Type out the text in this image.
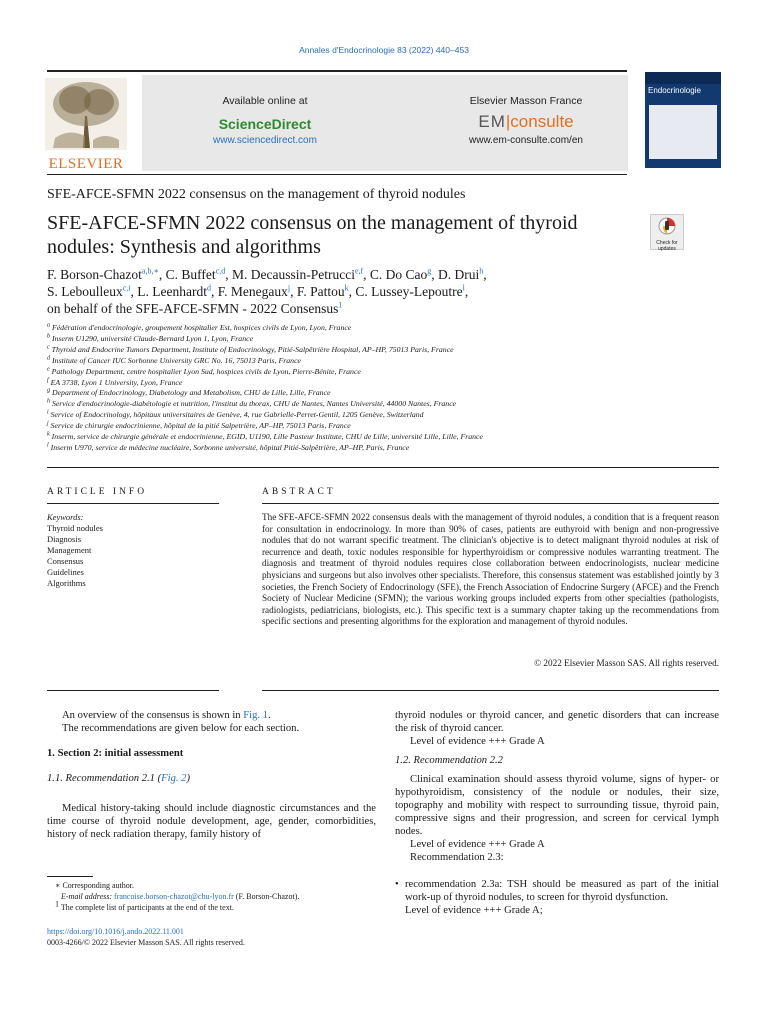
Annales d'Endocrinologie 83 (2022) 440–453
ELSEVIER
Available online at
ScienceDirect
www.sciencedirect.com
Elsevier Masson France
EM|consulte
www.em-consulte.com/en
Endocrinologie
SFE-AFCE-SFMN 2022 consensus on the management of thyroid nodules
SFE-AFCE-SFMN 2022 consensus on the management of thyroid
nodules: Synthesis and algorithms	Check for
updates
F. Borson-Chazot$^{a,b,∗}$, C. Buffet$^{c,d}$, M. Decaussin-Petrucci$^{e,f}$, C. Do Cao$^g$, D. Drui$^h$,
S. Leboulleux$^{c,i}$, L. Leenhardt$^d$, F. Menegaux$^j$, F. Pattou$^k$, C. Lussey-Lepoutre$^l$,
on behalf of the SFE-AFCE-SFMN - 2022 Consensus$^1$
$^a$ Fédération d'endocrinologie, groupement hospitalier Est, hospices civils de Lyon, Lyon, France
$^b$ Inserm U1290, université Claude-Bernard Lyon 1, Lyon, France
$^c$ Thyroid and Endocrine Tumors Department, Institute of Endocrinology, Pitié-Salpêtrière Hospital, AP–HP, 75013 Paris, France
$^d$ Institute of Cancer IUC Sorbonne University GRC No. 16, 75013 Paris, France
$^e$ Pathology Department, centre hospitalier Lyon Sud, hospices civils de Lyon, Pierre-Bénite, France
$^f$ EA 3738, Lyon 1 University, Lyon, France
$^g$ Department of Endocrinology, Diabetology and Metabolism, CHU de Lille, Lille, France
$^h$ Service d'endocrinologie-diabétologie et nutrition, l'institut du thorax, CHU de Nantes, Nantes Université, 44000 Nantes, France
$^i$ Service of Endocrinology, hôpitaux universitaires de Genève, 4, rue Gabrielle-Perret-Gentil, 1205 Genève, Switzerland
$^j$ Service de chirurgie endocrinienne, hôpital de la pitié Salpetrière, AP–HP, 75013 Paris, France
$^k$ Inserm, service de chirurgie générale et endocrinienne, EGID, U1190, Lille Pasteur Institute, CHU de Lille, université Lille, Lille, France
$^l$ Inserm U970, service de médecine nucléaire, Sorbonne université, hôpital Pitié-Salpêtrière, AP–HP, Paris, France
ARTICLE INFO
Keywords:
Thyroid nodules
Diagnosis
Management
Consensus
Guidelines
Algorithms
ABSTRACT
The SFE-AFCE-SFMN 2022 consensus deals with the management of thyroid nodules, a condition that is a frequent reason for consultation in endocrinology. In more than 90% of cases, patients are euthyroid with benign and non-progressive nodules that do not warrant specific treatment. The clinician's objective is to detect malignant thyroid nodules at risk of recurrence and death, toxic nodules responsible for hyperthyroidism or compressive nodules warranting treatment. The diagnosis and treatment of thyroid nodules requires close collaboration between endocrinologists, nuclear medicine physicians and surgeons but also involves other specialists. Therefore, this consensus statement was established jointly by 3 societies, the French Society of Endocrinology (SFE), the French Association of Endocrine Surgery (AFCE) and the French Society of Nuclear Medicine (SFMN); the various working groups included experts from other specialties (pathologists, radiologists, pediatricians, biologists, etc.). This specific text is a summary chapter taking up the recommendations from specific sections and presenting algorithms for the exploration and management of thyroid nodules.
© 2022 Elsevier Masson SAS. All rights reserved.
An overview of the consensus is shown in Fig. 1.
The recommendations are given below for each section.
1. Section 2: initial assessment
1.1. Recommendation 2.1 (Fig. 2)
Medical history-taking should include diagnostic circumstances and the time course of thyroid nodule development, age, gender, comorbidities, history of neck radiation therapy, family history of
thyroid nodules or thyroid cancer, and genetic disorders that can increase the risk of thyroid cancer.
Level of evidence +++ Grade A
1.2. Recommendation 2.2
Clinical examination should assess thyroid volume, signs of hyper- or hypothyroidism, consistency of the nodule or nodules, their size, topography and mobility with respect to surrounding tissue, thyroid pain, compressive signs and their progression, and screen for cervical lymph nodes.
Level of evidence +++ Grade A
Recommendation 2.3:
• recommendation 2.3a: TSH should be measured as part of the initial work-up of thyroid nodules, to screen for thyroid dysfunction.
Level of evidence +++ Grade A;
∗ Corresponding author.
E-mail address: francoise.borson-chazot@chu-lyon.fr (F. Borson-Chazot).
$^1$ The complete list of participants at the end of the text.
https://doi.org/10.1016/j.ando.2022.11.001
0003-4266/© 2022 Elsevier Masson SAS. All rights reserved.
